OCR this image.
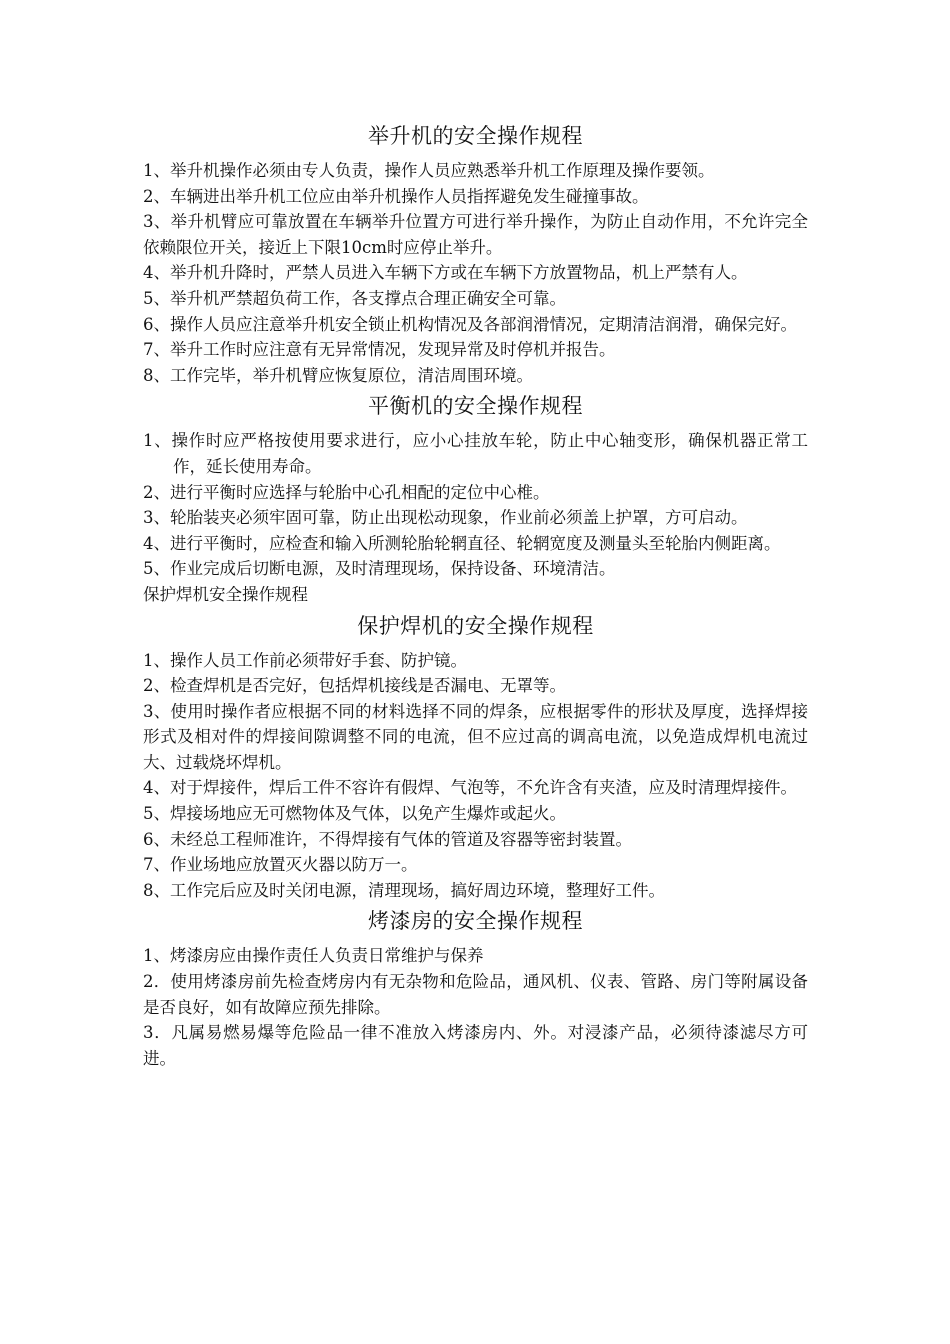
举升机的安全操作规程

1、举升机操作必须由专人负责，操作人员应熟悉举升机工作原理及操作要领。

2、车辆进出举升机工位应由举升机操作人员指挥避免发生碰撞事故。

3、举升机臂应可靠放置在车辆举升位置方可进行举升操作，为防止自动作用，不允许完全依赖限位开关，接近上下限10cm时应停止举升。

4、举升机升降时，严禁人员进入车辆下方或在车辆下方放置物品，机上严禁有人。

5、举升机严禁超负荷工作，各支撑点合理正确安全可靠。

6、操作人员应注意举升机安全锁止机构情况及各部润滑情况，定期清洁润滑，确保完好。

7、举升工作时应注意有无异常情况，发现异常及时停机并报告。

8、工作完毕，举升机臂应恢复原位，清洁周围环境。

平衡机的安全操作规程

1、操作时应严格按使用要求进行，应小心挂放车轮，防止中心轴变形，确保机器正常工作，延长使用寿命。

2、进行平衡时应选择与轮胎中心孔相配的定位中心椎。

3、轮胎装夹必须牢固可靠，防止出现松动现象，作业前必须盖上护罩，方可启动。

4、进行平衡时，应检查和输入所测轮胎轮辋直径、轮辋宽度及测量头至轮胎内侧距离。

5、作业完成后切断电源，及时清理现场，保持设备、环境清洁。

保护焊机安全操作规程

保护焊机的安全操作规程

1、操作人员工作前必须带好手套、防护镜。

2、检查焊机是否完好，包括焊机接线是否漏电、无罩等。

3、使用时操作者应根据不同的材料选择不同的焊条，应根据零件的形状及厚度，选择焊接形式及相对件的焊接间隙调整不同的电流，但不应过高的调高电流，以免造成焊机电流过大、过载烧坏焊机。

4、对于焊接件，焊后工件不容许有假焊、气泡等，不允许含有夹渣，应及时清理焊接件。

5、焊接场地应无可燃物体及气体，以免产生爆炸或起火。

6、未经总工程师准许，不得焊接有气体的管道及容器等密封装置。

7、作业场地应放置灭火器以防万一。

8、工作完后应及时关闭电源，清理现场，搞好周边环境，整理好工件。

烤漆房的安全操作规程

1、烤漆房应由操作责任人负责日常维护与保养

2．使用烤漆房前先检查烤房内有无杂物和危险品，通风机、仪表、管路、房门等附属设备是否良好，如有故障应预先排除。

3．凡属易燃易爆等危险品一律不准放入烤漆房内、外。对浸漆产品，必须待漆滤尽方可进。
